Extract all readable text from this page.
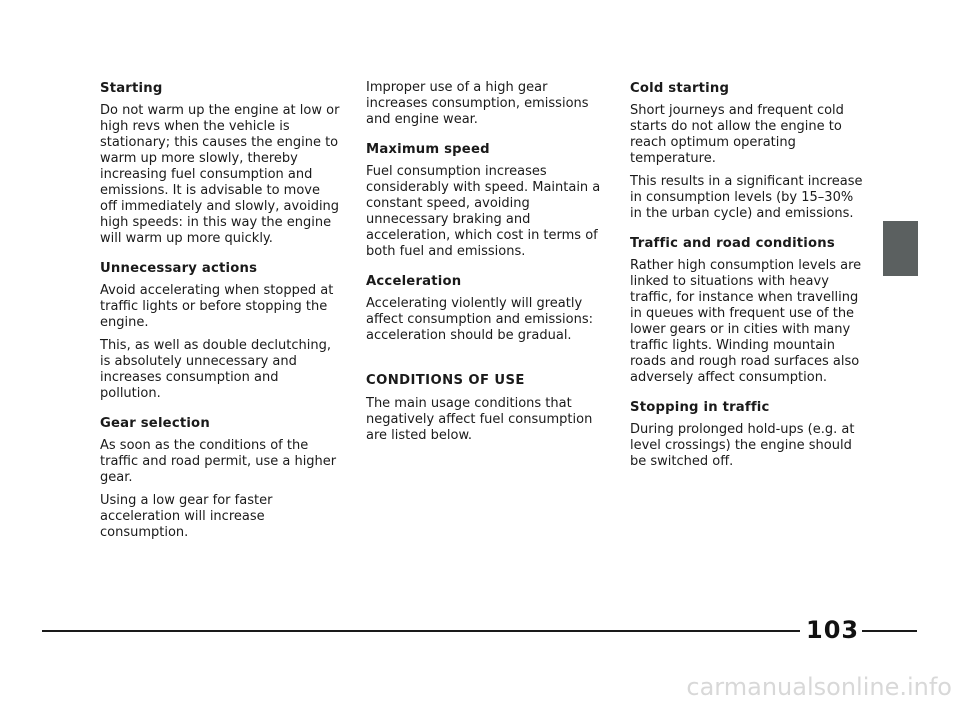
Starting

Do not warm up the engine at low or high revs when the vehicle is stationary; this causes the engine to warm up more slowly, thereby increasing fuel consumption and emissions. It is advisable to move off immediately and slowly, avoiding high speeds: in this way the engine will warm up more quickly.

Unnecessary actions

Avoid accelerating when stopped at traffic lights or before stopping the engine.

This, as well as double declutching, is absolutely unnecessary and increases consumption and pollution.

Gear selection

As soon as the conditions of the traffic and road permit, use a higher gear.

Using a low gear for faster acceleration will increase consumption.

Improper use of a high gear increases consumption, emissions and engine wear.

Maximum speed

Fuel consumption increases considerably with speed. Maintain a constant speed, avoiding unnecessary braking and acceleration, which cost in terms of both fuel and emissions.

Acceleration

Accelerating violently will greatly affect consumption and emissions: acceleration should be gradual.

CONDITIONS OF USE

The main usage conditions that negatively affect fuel consumption are listed below.

Cold starting

Short journeys and frequent cold starts do not allow the engine to reach optimum operating temperature.

This results in a significant increase in consumption levels (by 15–30% in the urban cycle) and emissions.

Traffic and road conditions

Rather high consumption levels are linked to situations with heavy traffic, for instance when travelling in queues with frequent use of the lower gears or in cities with many traffic lights. Winding mountain roads and rough road surfaces also adversely affect consumption.

Stopping in traffic

During prolonged hold-ups (e.g. at level crossings) the engine should be switched off.

103
carmanualsonline.info
